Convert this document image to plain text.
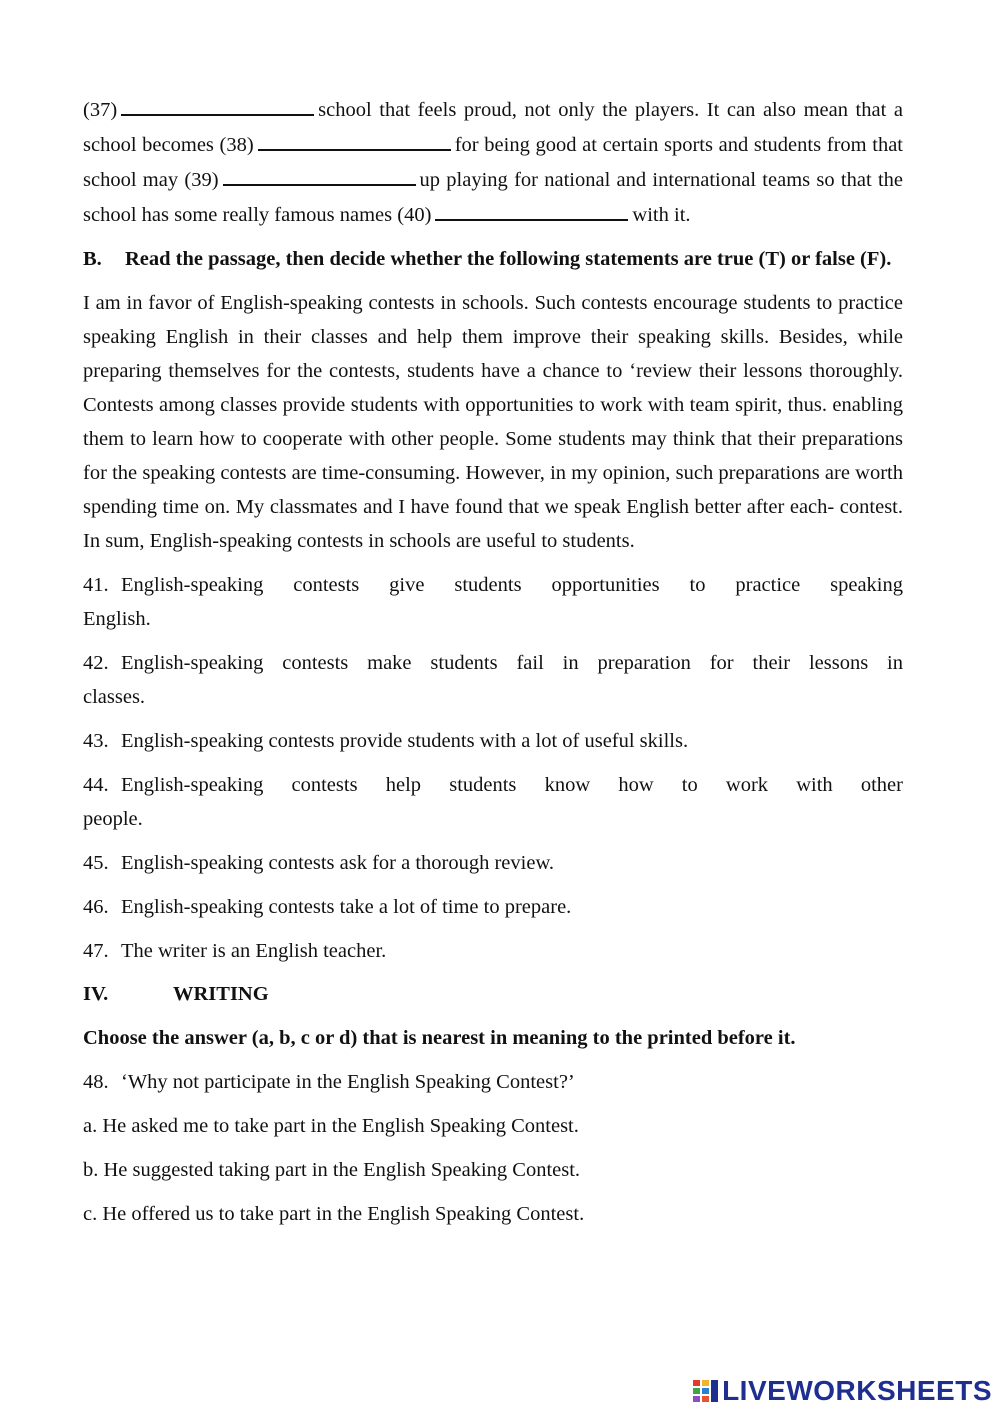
(37)	school that feels proud, not only the players. It can also mean that a school becomes (38)	for being good at certain sports and students from that school may (39)	up playing for national and international teams so that the school has some really famous names (40)	with it.

B. Read the passage, then decide whether the following statements are true (T) or false (F).

I am in favor of English-speaking contests in schools. Such contests encourage students to practice speaking English in their classes and help them improve their speaking skills. Besides, while preparing themselves for the contests, students have a chance to ‘review their lessons thoroughly. Contests among classes provide students with opportunities to work with team spirit, thus. enabling them to learn how to cooperate with other people. Some students may think that their preparations for the speaking contests are time-consuming. However, in my opinion, such preparations are worth spending time on. My classmates and I have found that we speak English better after each- contest. In sum, English-speaking contests in schools are useful to students.

41. English-speaking contests give students opportunities to practice speaking
English.
42. English-speaking contests make students fail in preparation for their lessons in
classes.
43. English-speaking contests provide students with a lot of useful skills.
44. English-speaking contests help students know how to work with other
people.
45. English-speaking contests ask for a thorough review.
46. English-speaking contests take a lot of time to prepare.
47. The writer is an English teacher.

IV.	WRITING

Choose the answer (a, b, c or d) that is nearest in meaning to the printed before it.

48. ‘Why not participate in the English Speaking Contest?’

a. He asked me to take part in the English Speaking Contest.

b. He suggested taking part in the English Speaking Contest.

c. He offered us to take part in the English Speaking Contest.

LIVEWORKSHEETS
